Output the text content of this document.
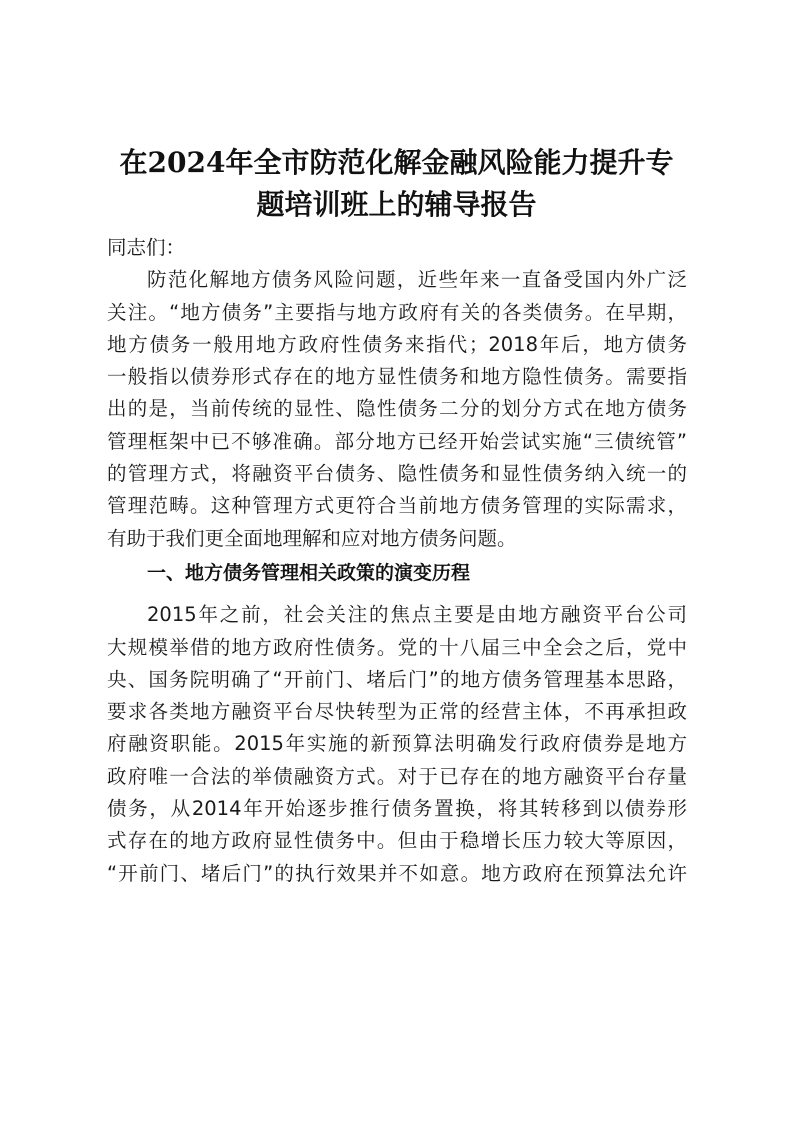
在2024年全市防范化解金融风险能力提升专
题培训班上的辅导报告
同志们：
防范化解地方债务风险问题，近些年来一直备受国内外广泛
关注。“地方债务”主要指与地方政府有关的各类债务。在早期，
地方债务一般用地方政府性债务来指代；2018年后，地方债务
一般指以债券形式存在的地方显性债务和地方隐性债务。需要指
出的是，当前传统的显性、隐性债务二分的划分方式在地方债务
管理框架中已不够准确。部分地方已经开始尝试实施“三债统管”
的管理方式，将融资平台债务、隐性债务和显性债务纳入统一的
管理范畴。这种管理方式更符合当前地方债务管理的实际需求，
有助于我们更全面地理解和应对地方债务问题。
一、地方债务管理相关政策的演变历程
2015年之前，社会关注的焦点主要是由地方融资平台公司
大规模举借的地方政府性债务。党的十八届三中全会之后，党中
央、国务院明确了“开前门、堵后门”的地方债务管理基本思路，
要求各类地方融资平台尽快转型为正常的经营主体，不再承担政
府融资职能。2015年实施的新预算法明确发行政府债券是地方
政府唯一合法的举债融资方式。对于已存在的地方融资平台存量
债务，从2014年开始逐步推行债务置换，将其转移到以债券形
式存在的地方政府显性债务中。但由于稳增长压力较大等原因，
“开前门、堵后门”的执行效果并不如意。地方政府在预算法允许
